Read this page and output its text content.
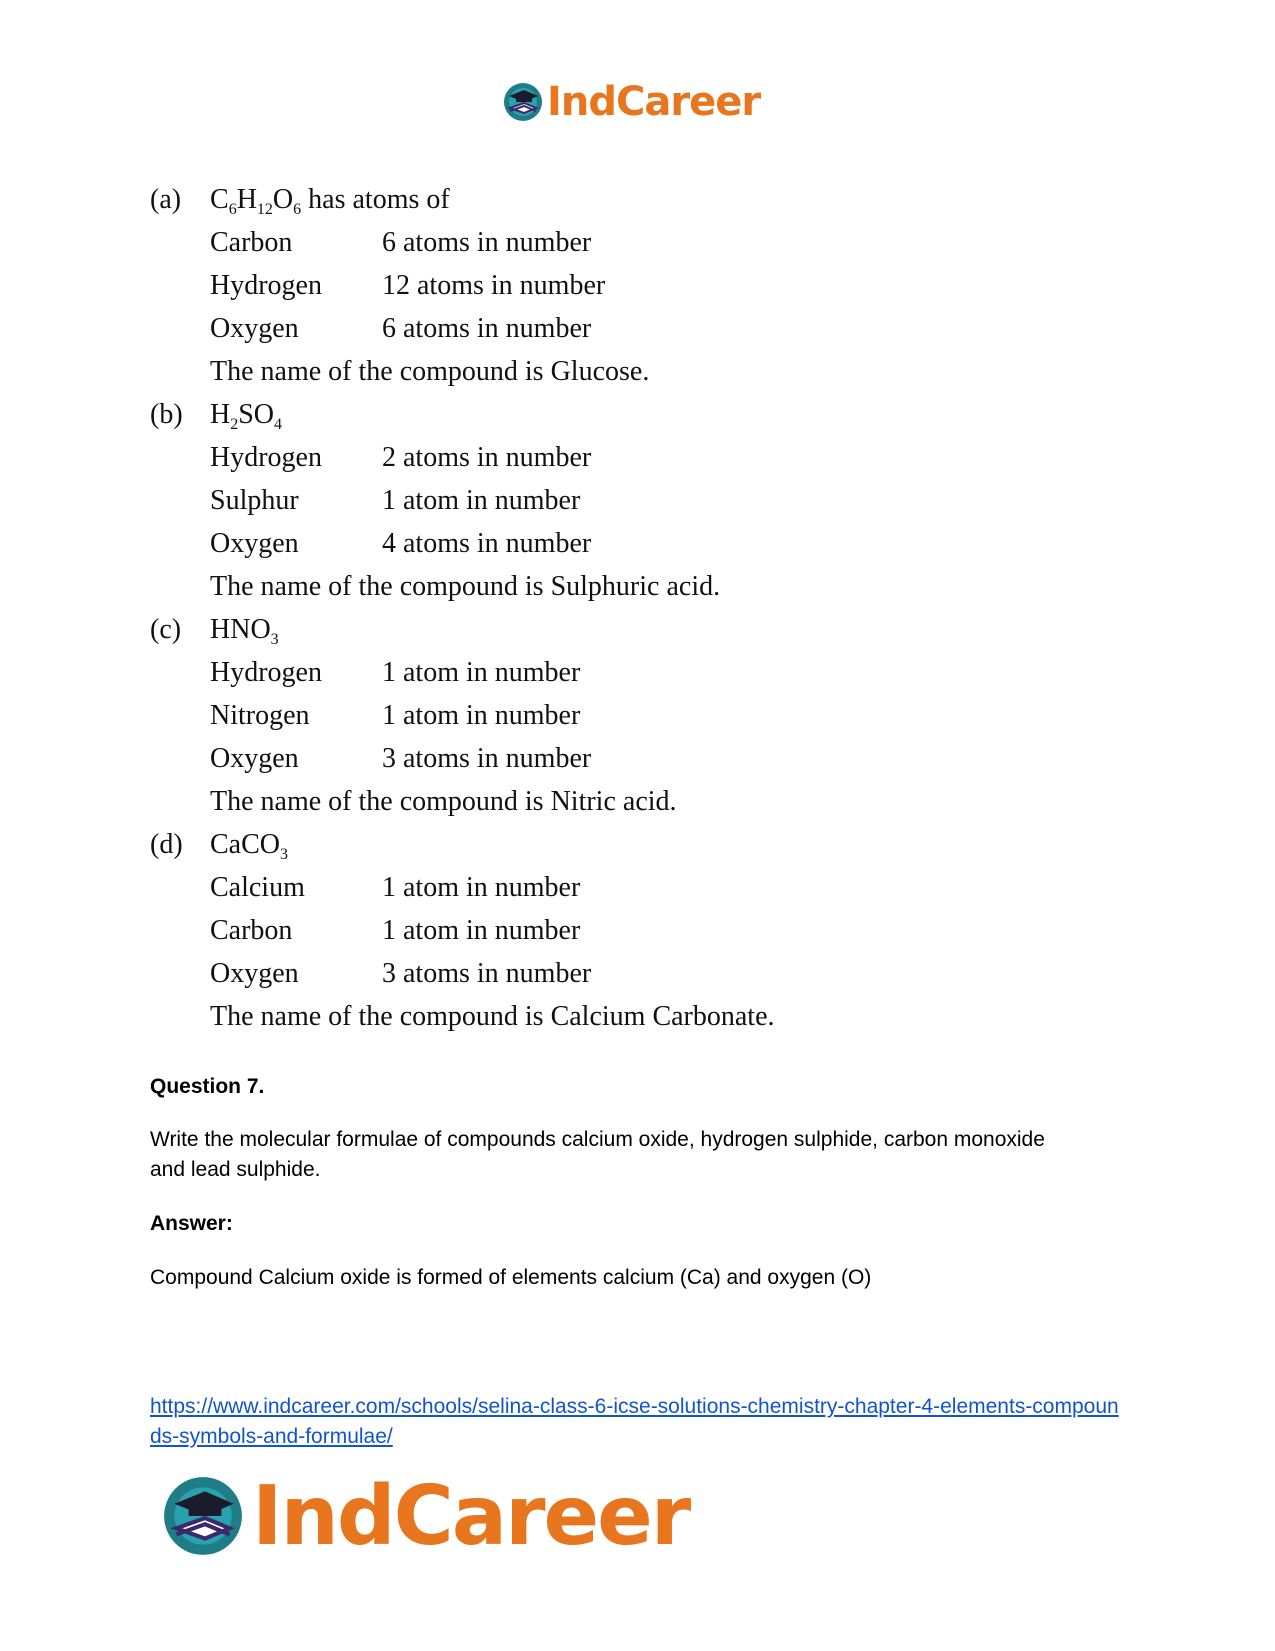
IndCareer
(a)	$C_6H_{12}O_6$ has atoms of
Carbon	6 atoms in number
Hydrogen	12 atoms in number
Oxygen	6 atoms in number
The name of the compound is Glucose.
(b) $H_2SO_4$
Hydrogen	2 atoms in number
Sulphur	1 atom in number
Oxygen	4 atoms in number
The name of the compound is Sulphuric acid.
(c)	$HNO_3$
Hydrogen	1 atom in number
Nitrogen	1 atom in number
Oxygen	3 atoms in number
The name of the compound is Nitric acid.
(d) CaCO$_3$
Calcium	1 atom in number
Carbon	1 atom in number
Oxygen	3 atoms in number
The name of the compound is Calcium Carbonate.
Question 7.
Write the molecular formulae of compounds calcium oxide, hydrogen sulphide, carbon monoxide and lead sulphide.
Answer:
Compound Calcium oxide is formed of elements calcium (Ca) and oxygen (O)
https://www.indcareer.com/schools/selina-class-6-icse-solutions-chemistry-chapter-4-elements-compounds-symbols-and-formulae/
IndCareer
